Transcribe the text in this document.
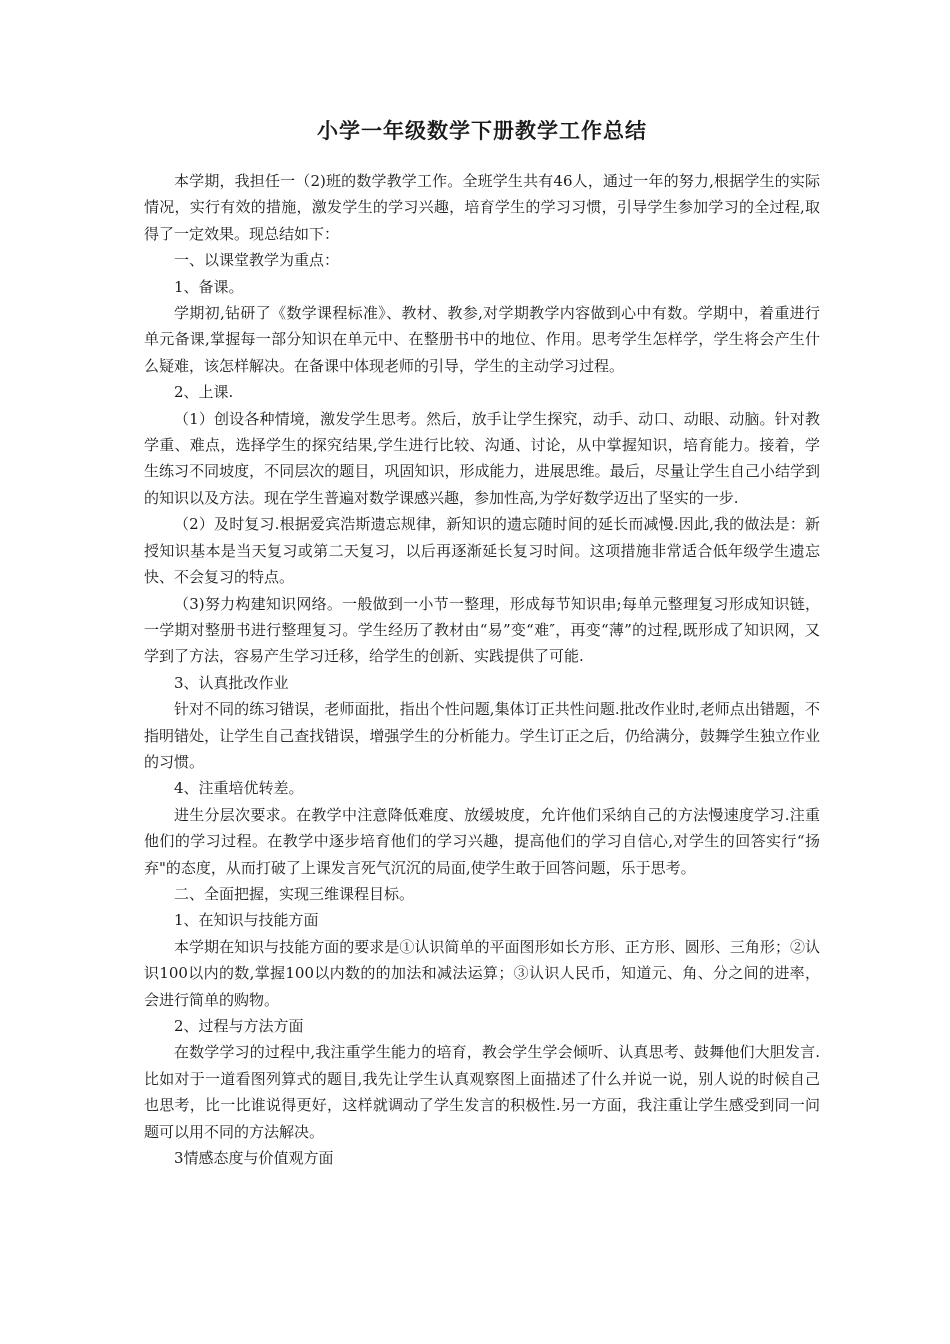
小学一年级数学下册教学工作总结

本学期，我担任一（2)班的数学教学工作。全班学生共有46人，通过一年的努力,根据学生的实际情况，实行有效的措施，激发学生的学习兴趣，培育学生的学习习惯，引导学生参加学习的全过程,取得了一定效果。现总结如下：

一、以课堂教学为重点：

1、备课。

学期初,钻研了《数学课程标准》、教材、教参,对学期教学内容做到心中有数。学期中，着重进行单元备课,掌握每一部分知识在单元中、在整册书中的地位、作用。思考学生怎样学，学生将会产生什么疑难，该怎样解决。在备课中体现老师的引导，学生的主动学习过程。

2、上课.

（1）创设各种情境，激发学生思考。然后，放手让学生探究，动手、动口、动眼、动脑。针对教学重、难点，选择学生的探究结果,学生进行比较、沟通、讨论，从中掌握知识，培育能力。接着，学生练习不同坡度，不同层次的题目，巩固知识，形成能力，进展思维。最后，尽量让学生自己小结学到的知识以及方法。现在学生普遍对数学课感兴趣，参加性高,为学好数学迈出了坚实的一步.

（2）及时复习.根据爱宾浩斯遗忘规律，新知识的遗忘随时间的延长而减慢.因此,我的做法是：新授知识基本是当天复习或第二天复习，以后再逐渐延长复习时间。这项措施非常适合低年级学生遗忘快、不会复习的特点。

（3)努力构建知识网络。一般做到一小节一整理，形成每节知识串;每单元整理复习形成知识链，一学期对整册书进行整理复习。学生经历了教材由“易”变“难″，再变“薄”的过程,既形成了知识网，又学到了方法，容易产生学习迁移，给学生的创新、实践提供了可能.

3、认真批改作业

针对不同的练习错误，老师面批，指出个性问题,集体订正共性问题.批改作业时,老师点出错题，不指明错处，让学生自己查找错误，增强学生的分析能力。学生订正之后，仍给满分，鼓舞学生独立作业的习惯。

4、注重培优转差。

进生分层次要求。在教学中注意降低难度、放缓坡度，允许他们采纳自己的方法慢速度学习.注重他们的学习过程。在教学中逐步培育他们的学习兴趣，提高他们的学习自信心,对学生的回答实行“扬弃"的态度，从而打破了上课发言死气沉沉的局面,使学生敢于回答问题，乐于思考。

二、全面把握，实现三维课程目标。

1、在知识与技能方面

本学期在知识与技能方面的要求是①认识简单的平面图形如长方形、正方形、圆形、三角形；②认识100以内的数,掌握100以内数的的加法和减法运算；③认识人民币，知道元、角、分之间的进率，会进行简单的购物。

2、过程与方法方面

在数学学习的过程中,我注重学生能力的培育，教会学生学会倾听、认真思考、鼓舞他们大胆发言.比如对于一道看图列算式的题目,我先让学生认真观察图上面描述了什么并说一说，别人说的时候自己也思考，比一比谁说得更好，这样就调动了学生发言的积极性.另一方面，我注重让学生感受到同一问题可以用不同的方法解决。

3情感态度与价值观方面
